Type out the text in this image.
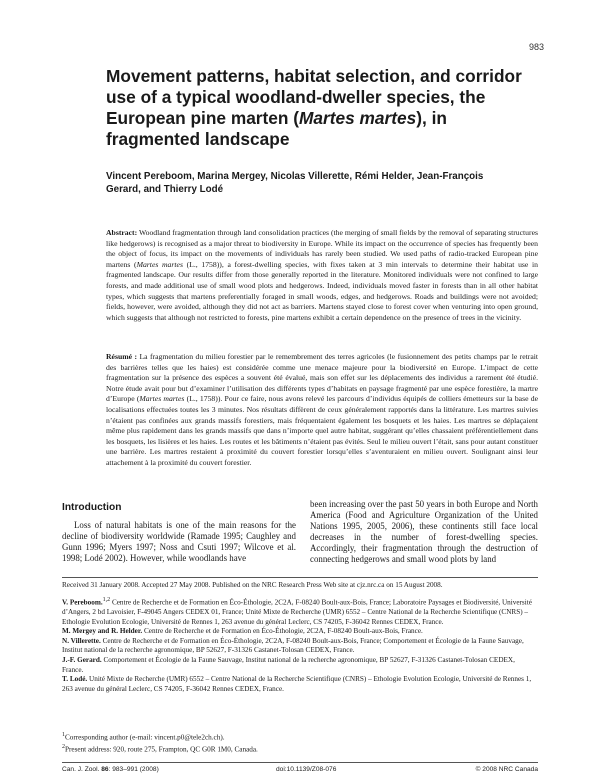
983
Movement patterns, habitat selection, and corridor use of a typical woodland-dweller species, the European pine marten (Martes martes), in fragmented landscape
Vincent Pereboom, Marina Mergey, Nicolas Villerette, Rémi Helder, Jean-François Gerard, and Thierry Lodé

Abstract: Woodland fragmentation through land consolidation practices (the merging of small fields by the removal of separating structures like hedgerows) is recognised as a major threat to biodiversity in Europe. While its impact on the occurrence of species has frequently been the object of focus, its impact on the movements of individuals has rarely been studied. We used paths of radio-tracked European pine martens (Martes martes (L., 1758)), a forest-dwelling species, with fixes taken at 3 min intervals to determine their habitat use in fragmented landscape. Our results differ from those generally reported in the literature. Monitored individuals were not confined to large forests, and made additional use of small wood plots and hedgerows. Indeed, individuals moved faster in forests than in all other habitat types, which suggests that martens preferentially foraged in small woods, edges, and hedgerows. Roads and buildings were not avoided; fields, however, were avoided, although they did not act as barriers. Martens stayed close to forest cover when venturing into open ground, which suggests that although not restricted to forests, pine martens exhibit a certain dependence on the presence of trees in the vicinity.

Résumé : La fragmentation du milieu forestier par le remembrement des terres agricoles (le fusionnement des petits champs par le retrait des barrières telles que les haies) est considérée comme une menace majeure pour la biodiversité en Europe. L’impact de cette fragmentation sur la présence des espèces a souvent été évalué, mais son effet sur les déplacements des individus a rarement été étudié. Notre étude avait pour but d’examiner l’utilisation des différents types d’habitats en paysage fragmenté par une espèce forestière, la martre d’Europe (Martes martes (L., 1758)). Pour ce faire, nous avons relevé les parcours d’individus équipés de colliers émetteurs sur la base de localisations effectuées toutes les 3 minutes. Nos résultats diffèrent de ceux généralement rapportés dans la littérature. Les martres suivies n’étaient pas confinées aux grands massifs forestiers, mais fréquentaient également les bosquets et les haies. Les martres se déplaçaient même plus rapidement dans les grands massifs que dans n’importe quel autre habitat, suggérant qu’elles chassaient préférentiellement dans les bosquets, les lisières et les haies. Les routes et les bâtiments n’étaient pas évités. Seul le milieu ouvert l’était, sans pour autant constituer une barrière. Les martres restaient à proximité du couvert forestier lorsqu’elles s’aventuraient en milieu ouvert. Soulignant ainsi leur attachement à la proximité du couvert forestier.

Introduction

Loss of natural habitats is one of the main reasons for the decline of biodiversity worldwide (Ramade 1995; Caughley and Gunn 1996; Myers 1997; Noss and Csuti 1997; Wilcove et al. 1998; Lodé 2002). However, while woodlands have

been increasing over the past 50 years in both Europe and North America (Food and Agriculture Organization of the United Nations 1995, 2005, 2006), these continents still face local decreases in the number of forest-dwelling species. Accordingly, their fragmentation through the destruction of connecting hedgerows and small wood plots by land

Received 31 January 2008. Accepted 27 May 2008. Published on the NRC Research Press Web site at cjz.nrc.ca on 15 August 2008.

V. Pereboom.$^{1,2}$ Centre de Recherche et de Formation en Éco-Éthologie, 2C2A, F-08240 Boult-aux-Bois, France; Laboratoire Paysages et Biodiversité, Université d’Angers, 2 bd Lavoisier, F-49045 Angers CEDEX 01, France; Unité Mixte de Recherche (UMR) 6552 – Centre National de la Recherche Scientifique (CNRS) – Ethologie Evolution Ecologie, Université de Rennes 1, 263 avenue du général Leclerc, CS 74205, F-36042 Rennes CEDEX, France.

M. Mergey and R. Helder. Centre de Recherche et de Formation en Éco-Éthologie, 2C2A, F-08240 Boult-aux-Bois, France.

N. Villerette. Centre de Recherche et de Formation en Éco-Éthologie, 2C2A, F-08240 Boult-aux-Bois, France; Comportement et Écologie de la Faune Sauvage, Institut national de la recherche agronomique, BP 52627, F-31326 Castanet-Tolosan CEDEX, France.

J.-F. Gerard. Comportement et Écologie de la Faune Sauvage, Institut national de la recherche agronomique, BP 52627, F-31326 Castanet-Tolosan CEDEX, France.

T. Lodé. Unité Mixte de Recherche (UMR) 6552 – Centre National de la Recherche Scientifique (CNRS) – Ethologie Evolution Ecologie, Université de Rennes 1, 263 avenue du général Leclerc, CS 74205, F-36042 Rennes CEDEX, France.

$^1$Corresponding author (e-mail: vincent.p0@tele2ch.ch).

$^2$Present address: 920, route 275, Frampton, QC G0R 1M0, Canada.

Can. J. Zool. 86: 983–991 (2008)	doi:10.1139/Z08-076	© 2008 NRC Canada
